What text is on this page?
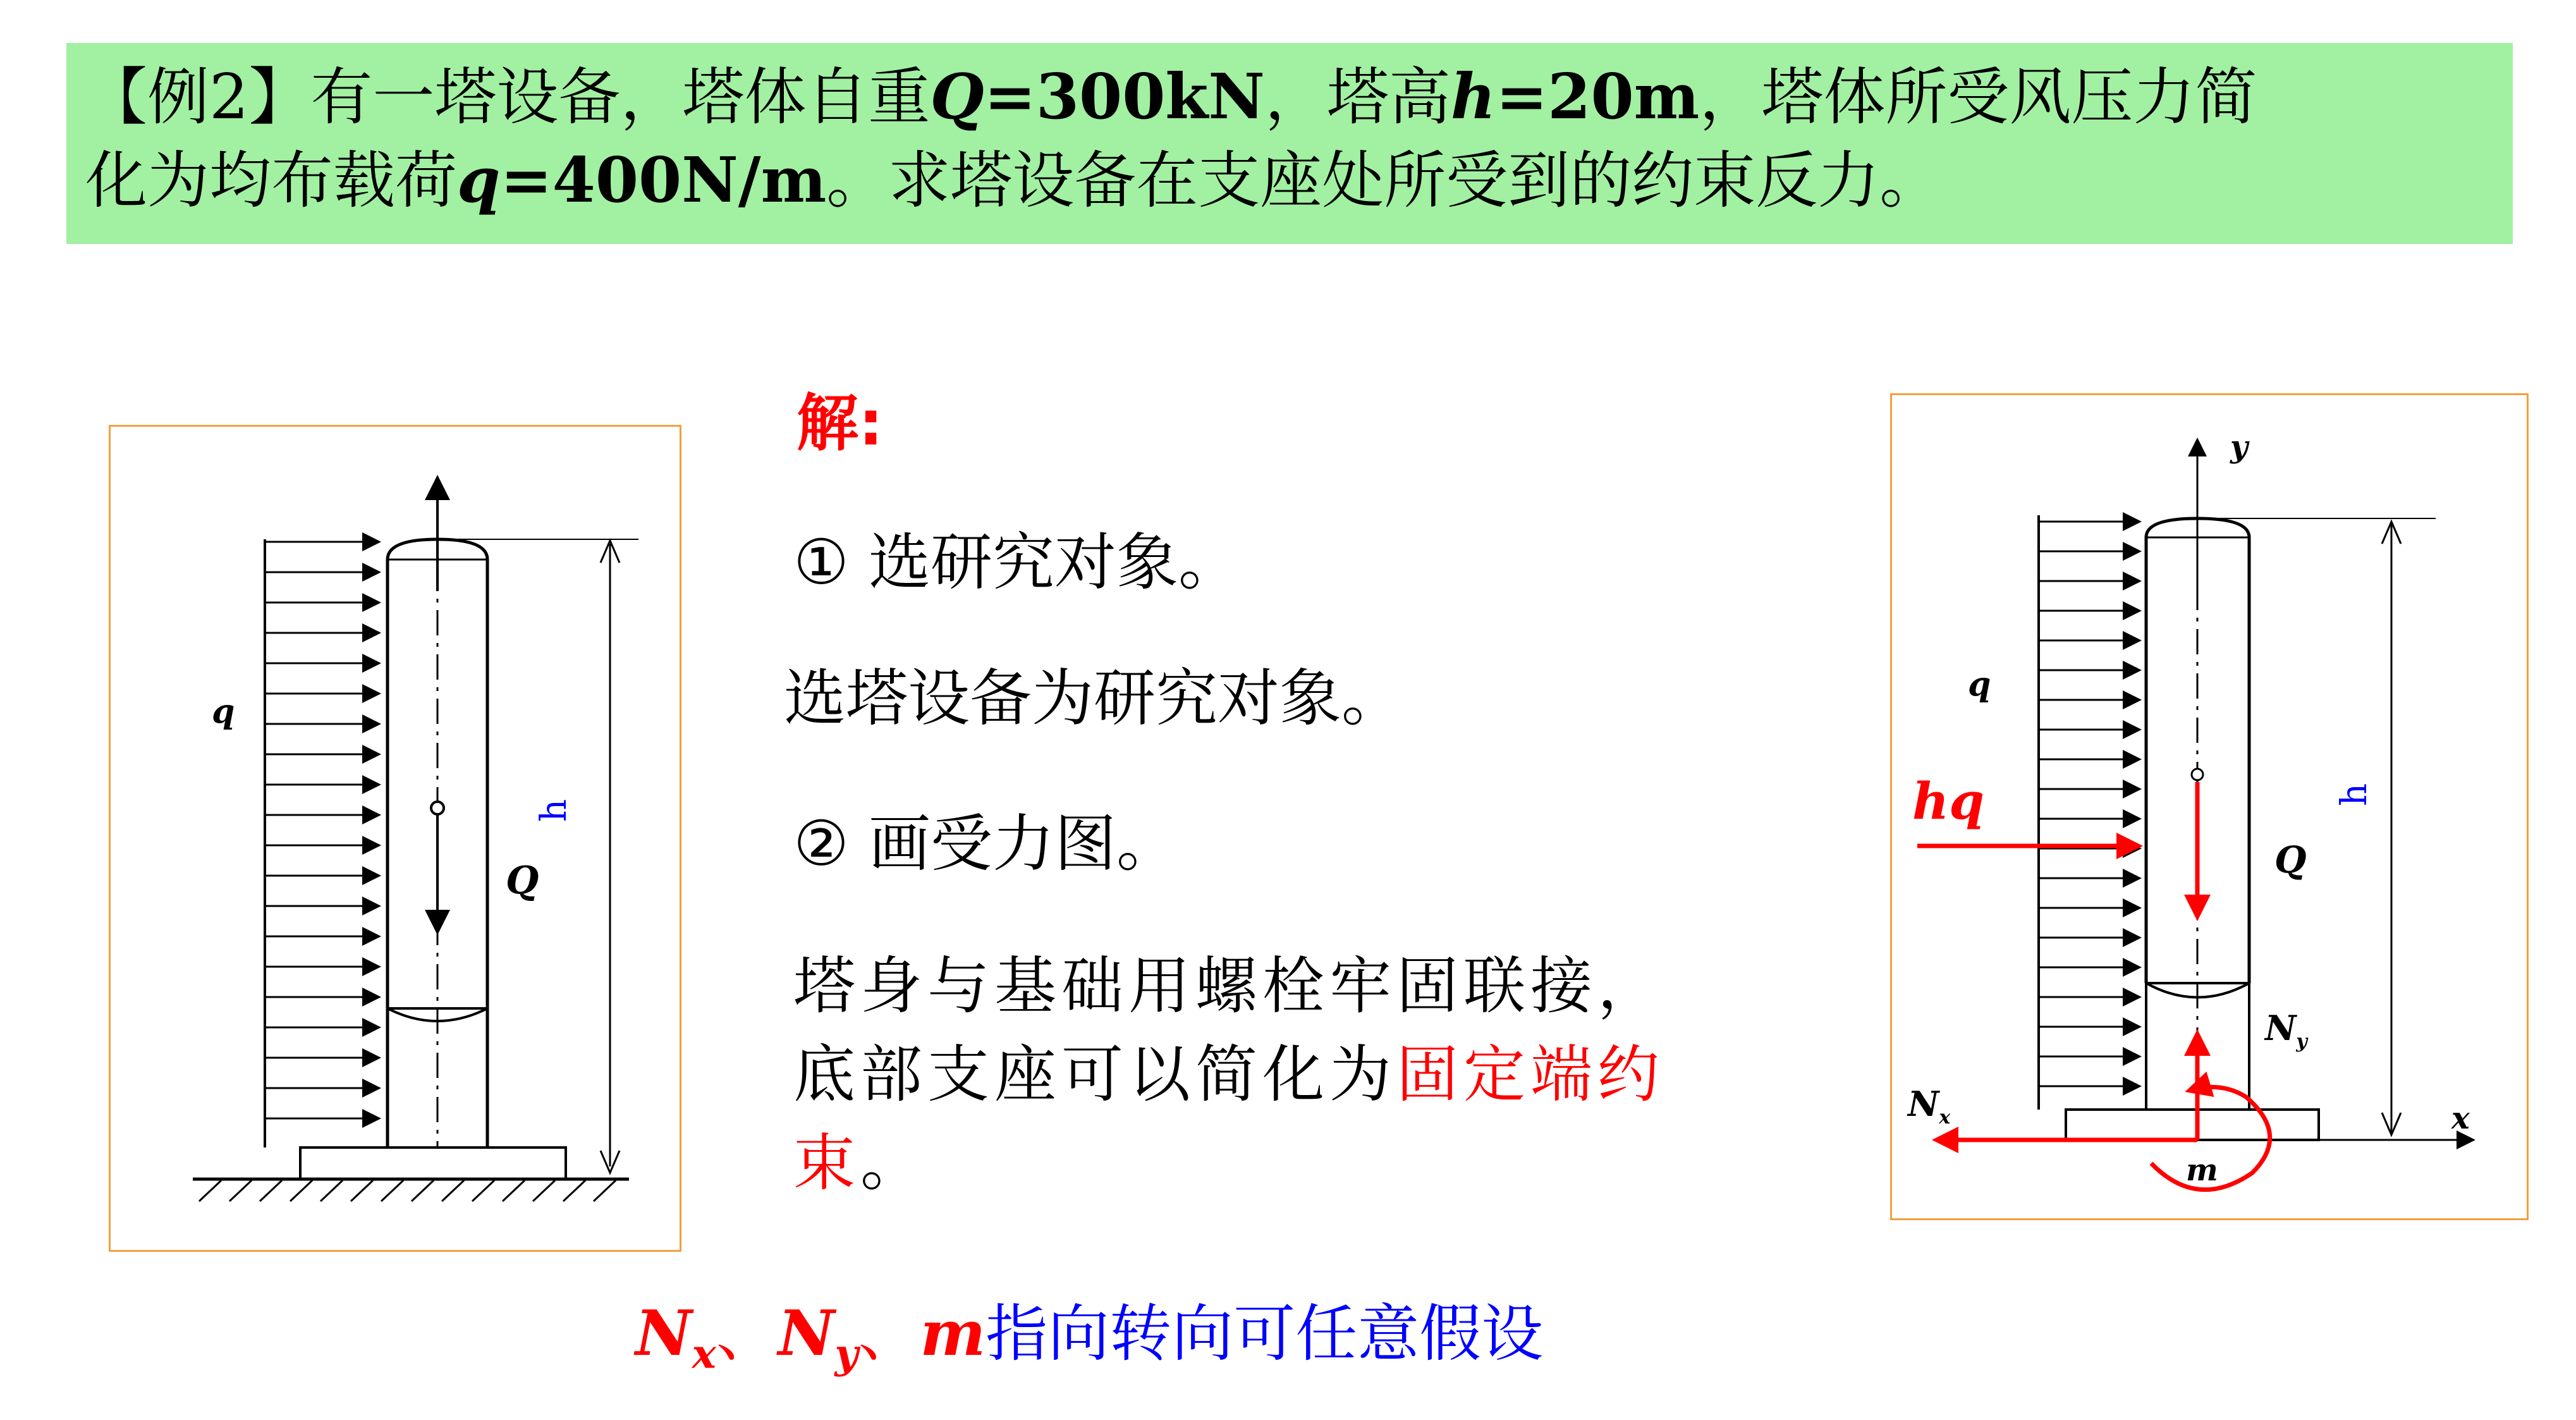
【例2】有一塔设备，塔体自重Q=300kN，塔高h=20m，塔体所受风压力简
化为均布载荷q=400N/m。求塔设备在支座处所受到的约束反力。
q
Q
h
解:
① 选研究对象。
选塔设备为研究对象。
② 画受力图。
塔身与基础用螺栓牢固联接，
底部支座可以简化为固定端约
束。
y
x
q
Q
h
hq
$N_y$
$N_x$
m
$N_x$、$N_y$、m指向转向可任意假设
